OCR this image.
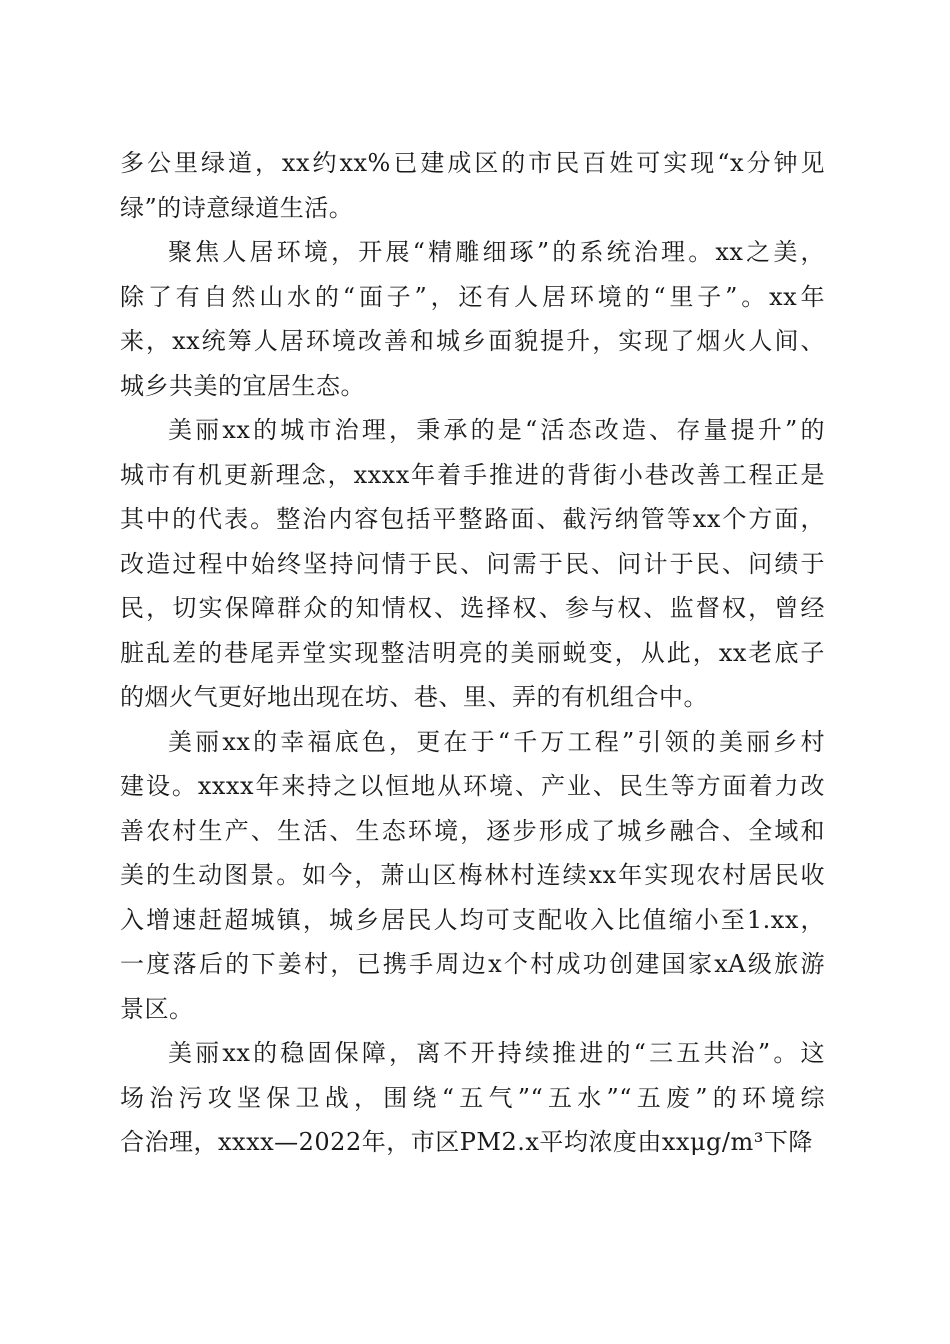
多公里绿道，xx约xx%已建成区的市民百姓可实现“x分钟见
绿”的诗意绿道生活。

聚焦人居环境，开展“精雕细琢”的系统治理。xx之美，
除了有自然山水的“面子”，还有人居环境的“里子”。xx年
来，xx统筹人居环境改善和城乡面貌提升，实现了烟火人间、
城乡共美的宜居生态。

美丽xx的城市治理，秉承的是“活态改造、存量提升”的
城市有机更新理念，xxxx年着手推进的背街小巷改善工程正是
其中的代表。整治内容包括平整路面、截污纳管等xx个方面，
改造过程中始终坚持问情于民、问需于民、问计于民、问绩于
民，切实保障群众的知情权、选择权、参与权、监督权，曾经
脏乱差的巷尾弄堂实现整洁明亮的美丽蜕变，从此，xx老底子
的烟火气更好地出现在坊、巷、里、弄的有机组合中。

美丽xx的幸福底色，更在于“千万工程”引领的美丽乡村
建设。xxxx年来持之以恒地从环境、产业、民生等方面着力改
善农村生产、生活、生态环境，逐步形成了城乡融合、全域和
美的生动图景。如今，萧山区梅林村连续xx年实现农村居民收
入增速赶超城镇，城乡居民人均可支配收入比值缩小至1.xx，
一度落后的下姜村，已携手周边x个村成功创建国家xA级旅游
景区。

美丽xx的稳固保障，离不开持续推进的“三五共治”。这
场治污攻坚保卫战，围绕“五气”“五水”“五废”的环境综
合治理，xxxx—2022年，市区PM2.x平均浓度由xxμg/m³下降
